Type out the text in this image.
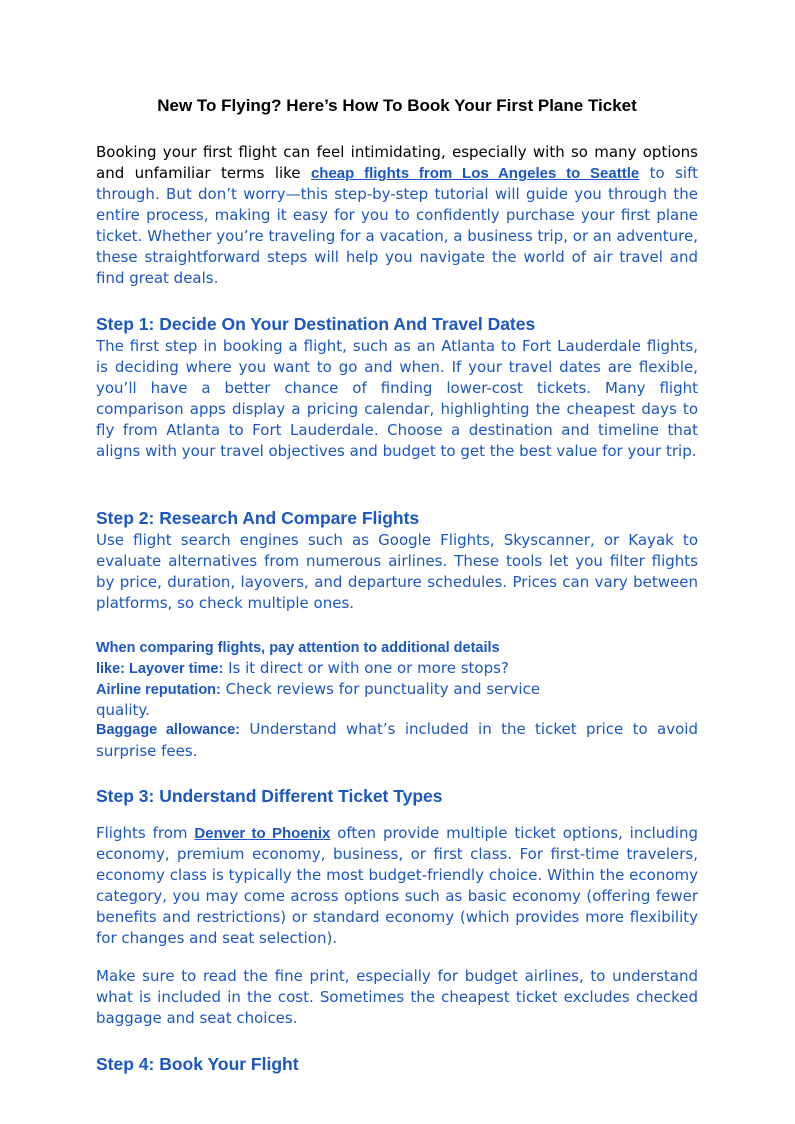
New To Flying? Here’s How To Book Your First Plane Ticket

Booking your first flight can feel intimidating, especially with so many options and unfamiliar terms like cheap flights from Los Angeles to Seattle to sift through. But don’t worry—this step-by-step tutorial will guide you through the entire process, making it easy for you to confidently purchase your first plane ticket. Whether you’re traveling for a vacation, a business trip, or an adventure, these straightforward steps will help you navigate the world of air travel and find great deals.

Step 1: Decide On Your Destination And Travel Dates

The first step in booking a flight, such as an Atlanta to Fort Lauderdale flights, is deciding where you want to go and when. If your travel dates are flexible, you’ll have a better chance of finding lower-cost tickets. Many flight comparison apps display a pricing calendar, highlighting the cheapest days to fly from Atlanta to Fort Lauderdale. Choose a destination and timeline that aligns with your travel objectives and budget to get the best value for your trip.

Step 2: Research And Compare Flights

Use flight search engines such as Google Flights, Skyscanner, or Kayak to evaluate alternatives from numerous airlines. These tools let you filter flights by price, duration, layovers, and departure schedules. Prices can vary between platforms, so check multiple ones.

When comparing flights, pay attention to additional details
like: Layover time: Is it direct or with one or more stops?
Airline reputation: Check reviews for punctuality and service
quality.

Baggage allowance: Understand what’s included in the ticket price to avoid surprise fees.

Step 3: Understand Different Ticket Types

Flights from Denver to Phoenix often provide multiple ticket options, including economy, premium economy, business, or first class. For first-time travelers, economy class is typically the most budget-friendly choice. Within the economy category, you may come across options such as basic economy (offering fewer benefits and restrictions) or standard economy (which provides more flexibility for changes and seat selection).

Make sure to read the fine print, especially for budget airlines, to understand what is included in the cost. Sometimes the cheapest ticket excludes checked baggage and seat choices.

Step 4: Book Your Flight
